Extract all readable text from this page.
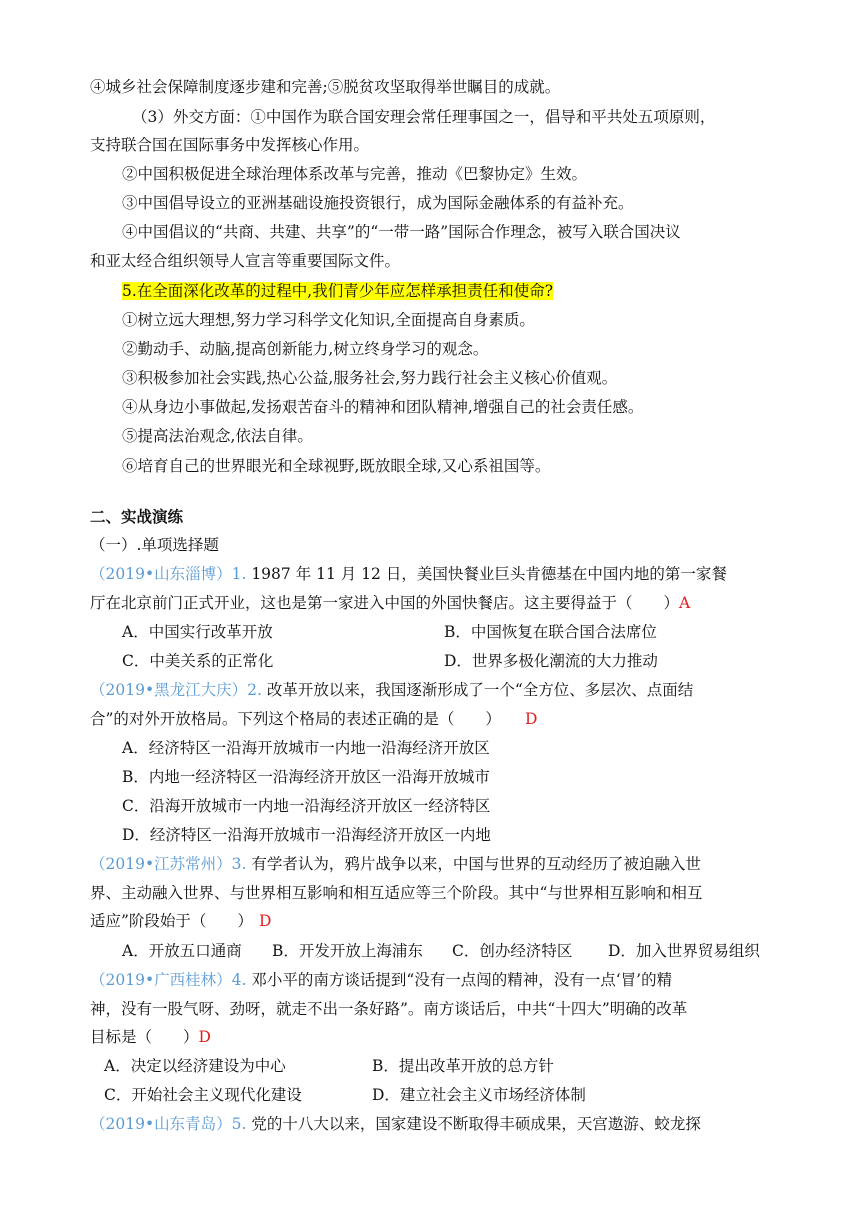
④城乡社会保障制度逐步建和完善;⑤脱贫攻坚取得举世瞩目的成就。
（3）外交方面：①中国作为联合国安理会常任理事国之一，倡导和平共处五项原则，
支持联合国在国际事务中发挥核心作用。
②中国积极促进全球治理体系改革与完善，推动《巴黎协定》生效。
③中国倡导设立的亚洲基础设施投资银行，成为国际金融体系的有益补充。
④中国倡议的“共商、共建、共享”的“一带一路”国际合作理念，被写入联合国决议
和亚太经合组织领导人宣言等重要国际文件。
5.在全面深化改革的过程中,我们青少年应怎样承担责任和使命?
①树立远大理想,努力学习科学文化知识,全面提高自身素质。
②勤动手、动脑,提高创新能力,树立终身学习的观念。
③积极参加社会实践,热心公益,服务社会,努力践行社会主义核心价值观。
④从身边小事做起,发扬艰苦奋斗的精神和团队精神,增强自己的社会责任感。
⑤提高法治观念,依法自律。
⑥培育自己的世界眼光和全球视野,既放眼全球,又心系祖国等。
二、实战演练
（一）.单项选择题
（2019•山东淄博）1. 1987 年 11 月 12 日，美国快餐业巨头肯德基在中国内地的第一家餐
厅在北京前门正式开业，这也是第一家进入中国的外国快餐店。这主要得益于（　　）A
A．中国实行改革开放	B．中国恢复在联合国合法席位
C．中美关系的正常化	D．世界多极化潮流的大力推动
（2019•黑龙江大庆）2. 改革开放以来，我国逐渐形成了一个“全方位、多层次、点面结
合”的对外开放格局。下列这个格局的表述正确的是（　　） D
A．经济特区一沿海开放城市一内地一沿海经济开放区
B．内地一经济特区一沿海经济开放区一沿海开放城市
C．沿海开放城市一内地一沿海经济开放区一经济特区
D．经济特区一沿海开放城市一沿海经济开放区一内地
（2019•江苏常州）3. 有学者认为，鸦片战争以来，中国与世界的互动经历了被迫融入世
界、主动融入世界、与世界相互影响和相互适应等三个阶段。其中“与世界相互影响和相互
适应”阶段始于（　　） D
A．开放五口通商 B．开发开放上海浦东 C．创办经济特区 D．加入世界贸易组织
（2019•广西桂林）4. 邓小平的南方谈话提到“没有一点闯的精神，没有一点‘冒’的精
神，没有一股气呀、劲呀，就走不出一条好路”。南方谈话后，中共“十四大”明确的改革
目标是（　　）D
A．决定以经济建设为中心	B．提出改革开放的总方针
C．开始社会主义现代化建设	D．建立社会主义市场经济体制
（2019•山东青岛）5. 党的十八大以来，国家建设不断取得丰硕成果，天宫遨游、蛟龙探
